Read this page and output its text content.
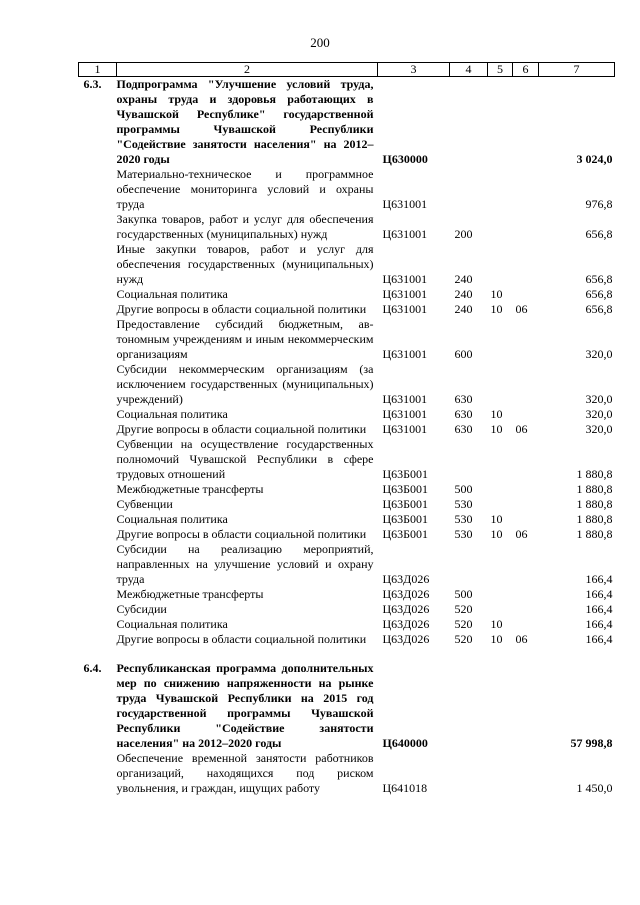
200
1	2	3	4	5	6	7
6.3.	Подпрограмма "Улучшение условий труда, охраны труда и здоровья работающих в Чувашской Республике" государственной программы Чувашской Республики "Содействие занятости населения" на 2012–2020 годы	Ц630000				3 024,0
	Материально-техническое и программное обеспечение мониторинга условий и охраны труда	Ц631001				976,8
	Закупка товаров, работ и услуг для обеспечения государственных (муниципальных) нужд	Ц631001	200			656,8
	Иные закупки товаров, работ и услуг для обеспечения государственных (муниципальных) нужд	Ц631001	240			656,8
	Социальная политика	Ц631001	240	10		656,8
	Другие вопросы в области социальной политики	Ц631001	240	10	06	656,8
	Предоставление субсидий бюджетным, автономным учреждениям и иным некоммерческим организациям	Ц631001	600			320,0
	Субсидии некоммерческим организациям (за исключением государственных (муниципальных) учреждений)	Ц631001	630			320,0
	Социальная политика	Ц631001	630	10		320,0
	Другие вопросы в области социальной политики	Ц631001	630	10	06	320,0
	Субвенции на осуществление государственных полномочий Чувашской Республики в сфере трудовых отношений	Ц63Б001				1 880,8
	Межбюджетные трансферты	Ц63Б001	500			1 880,8
	Субвенции	Ц63Б001	530			1 880,8
	Социальная политика	Ц63Б001	530	10		1 880,8
	Другие вопросы в области социальной политики	Ц63Б001	530	10	06	1 880,8
	Субсидии на реализацию мероприятий, направленных на улучшение условий и охрану труда	Ц63Д026				166,4
	Межбюджетные трансферты	Ц63Д026	500			166,4
	Субсидии	Ц63Д026	520			166,4
	Социальная политика	Ц63Д026	520	10		166,4
	Другие вопросы в области социальной политики	Ц63Д026	520	10	06	166,4

6.4.	Республиканская программа дополнительных мер по снижению напряженности на рынке труда Чувашской Республики на 2015 год государственной программы Чувашской Республики "Содействие занятости населения" на 2012–2020 годы	Ц640000				57 998,8
	Обеспечение временной занятости работников организаций, находящихся под риском увольнения, и граждан, ищущих работу	Ц641018				1 450,0
